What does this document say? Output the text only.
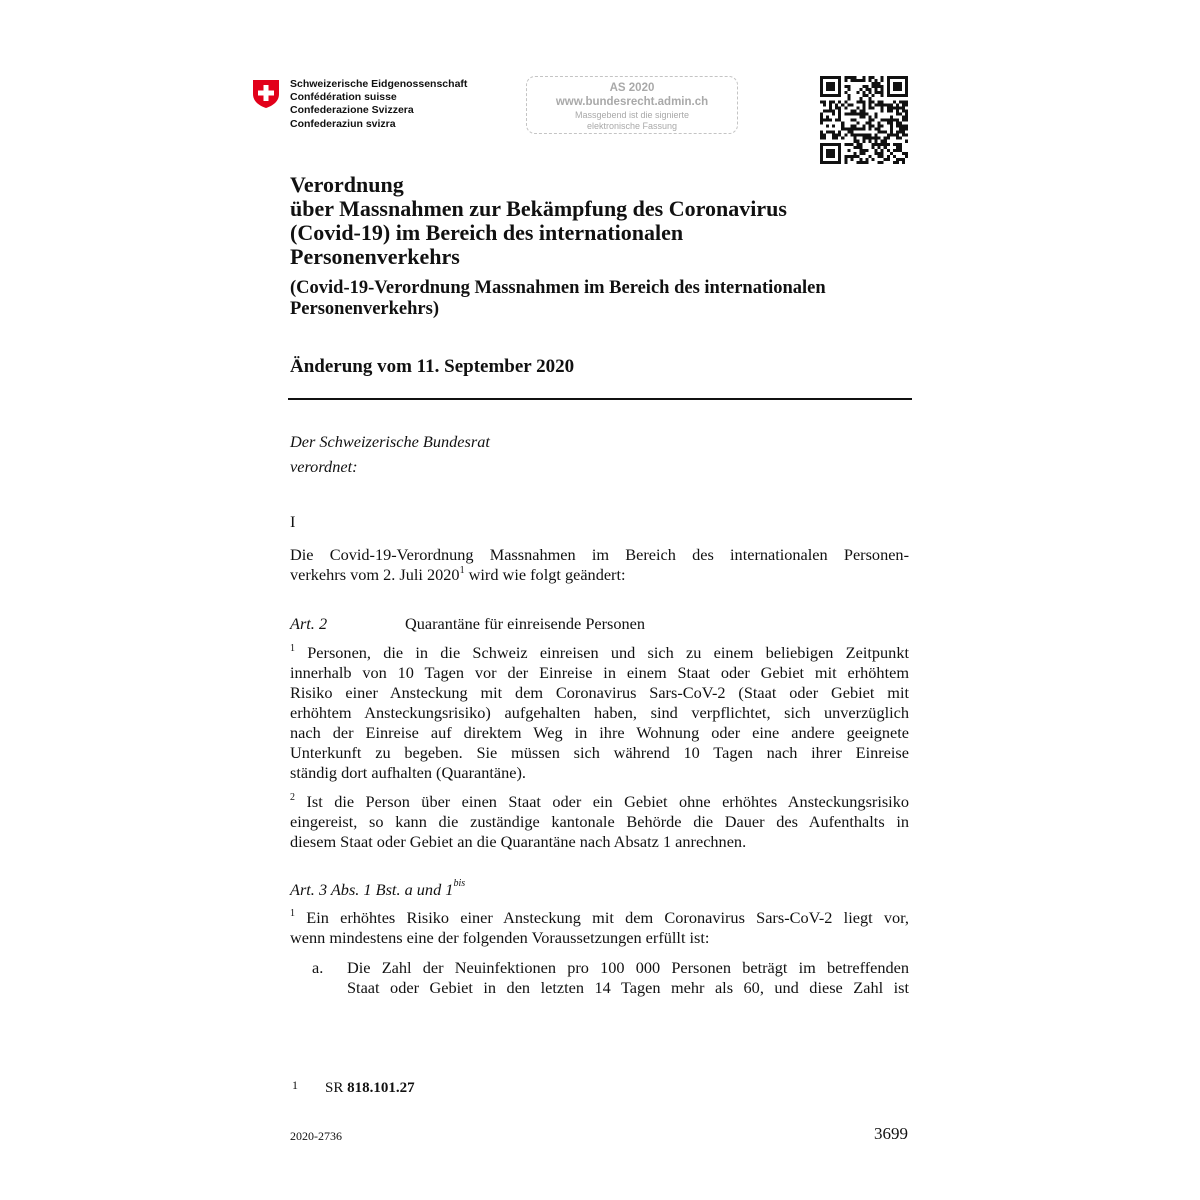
Schweizerische Eidgenossenschaft
Confédération suisse
Confederazione Svizzera
Confederaziun svizra
AS 2020
www.bundesrecht.admin.ch
Massgebend ist die signierte
elektronische Fassung
Verordnung
über Massnahmen zur Bekämpfung des Coronavirus
(Covid-19) im Bereich des internationalen
Personenverkehrs
(Covid-19-Verordnung Massnahmen im Bereich des internationalen
Personenverkehrs)
Änderung vom 11. September 2020
Der Schweizerische Bundesrat
verordnet:
I
Die Covid-19-Verordnung Massnahmen im Bereich des internationalen Personen-
verkehrs vom 2. Juli 2020$^1$ wird wie folgt geändert:
Art. 2	Quarantäne für einreisende Personen
$^1$ Personen, die in die Schweiz einreisen und sich zu einem beliebigen Zeitpunkt
innerhalb von 10 Tagen vor der Einreise in einem Staat oder Gebiet mit erhöhtem
Risiko einer Ansteckung mit dem Coronavirus Sars-CoV-2 (Staat oder Gebiet mit
erhöhtem Ansteckungsrisiko) aufgehalten haben, sind verpflichtet, sich unverzüglich
nach der Einreise auf direktem Weg in ihre Wohnung oder eine andere geeignete
Unterkunft zu begeben. Sie müssen sich während 10 Tagen nach ihrer Einreise
ständig dort aufhalten (Quarantäne).
$^2$ Ist die Person über einen Staat oder ein Gebiet ohne erhöhtes Ansteckungsrisiko
eingereist, so kann die zuständige kantonale Behörde die Dauer des Aufenthalts in
diesem Staat oder Gebiet an die Quarantäne nach Absatz 1 anrechnen.
Art. 3 Abs. 1 Bst. a und $1^{bis}$
$^1$ Ein erhöhtes Risiko einer Ansteckung mit dem Coronavirus Sars-CoV-2 liegt vor,
wenn mindestens eine der folgenden Voraussetzungen erfüllt ist:
a. Die Zahl der Neuinfektionen pro 100 000 Personen beträgt im betreffenden
Staat oder Gebiet in den letzten 14 Tagen mehr als 60, und diese Zahl ist
1 SR 818.101.27
2020-2736	3699
